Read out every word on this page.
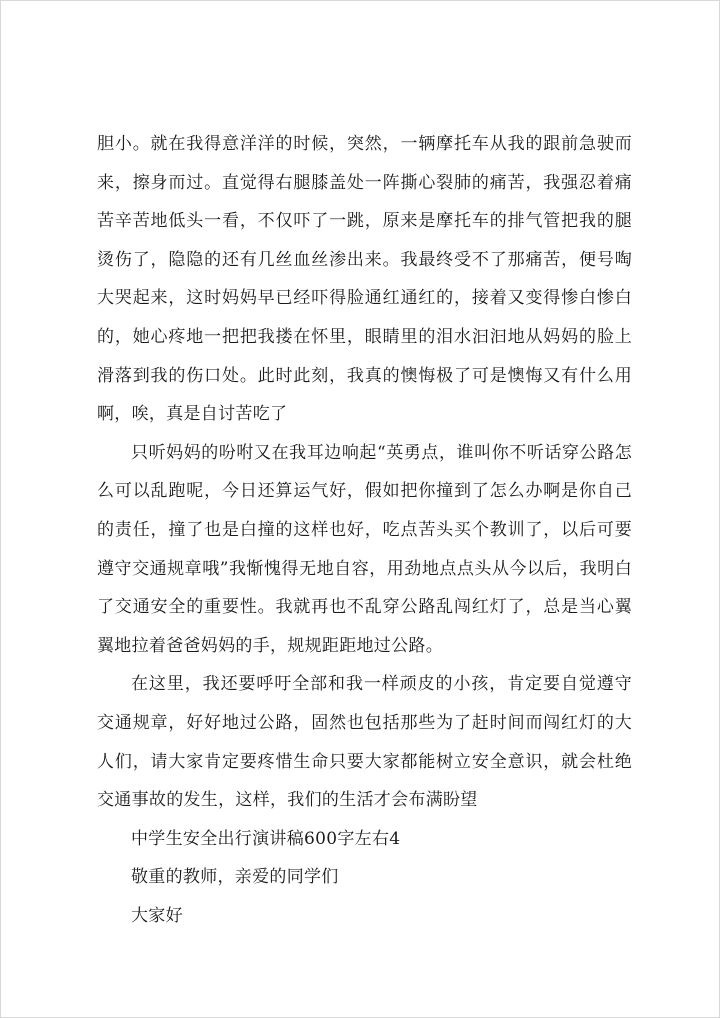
胆小。就在我得意洋洋的时候，突然，一辆摩托车从我的跟前急驶而来，擦身而过。直觉得右腿膝盖处一阵撕心裂肺的痛苦，我强忍着痛苦辛苦地低头一看，不仅吓了一跳，原来是摩托车的排气管把我的腿烫伤了，隐隐的还有几丝血丝渗出来。我最终受不了那痛苦，便号啕大哭起来，这时妈妈早已经吓得脸通红通红的，接着又变得惨白惨白的，她心疼地一把把我搂在怀里，眼睛里的泪水汩汩地从妈妈的脸上滑落到我的伤口处。此时此刻，我真的懊悔极了可是懊悔又有什么用啊，唉，真是自讨苦吃了

只听妈妈的吩咐又在我耳边响起“英勇点，谁叫你不听话穿公路怎么可以乱跑呢，今日还算运气好，假如把你撞到了怎么办啊是你自己的责任，撞了也是白撞的这样也好，吃点苦头买个教训了，以后可要遵守交通规章哦”我惭愧得无地自容，用劲地点点头从今以后，我明白了交通安全的重要性。我就再也不乱穿公路乱闯红灯了，总是当心翼翼地拉着爸爸妈妈的手，规规距距地过公路。

在这里，我还要呼吁全部和我一样顽皮的小孩，肯定要自觉遵守交通规章，好好地过公路，固然也包括那些为了赶时间而闯红灯的大人们，请大家肯定要疼惜生命只要大家都能树立安全意识，就会杜绝交通事故的发生，这样，我们的生活才会布满盼望

中学生安全出行演讲稿600字左右4

敬重的教师，亲爱的同学们

大家好
